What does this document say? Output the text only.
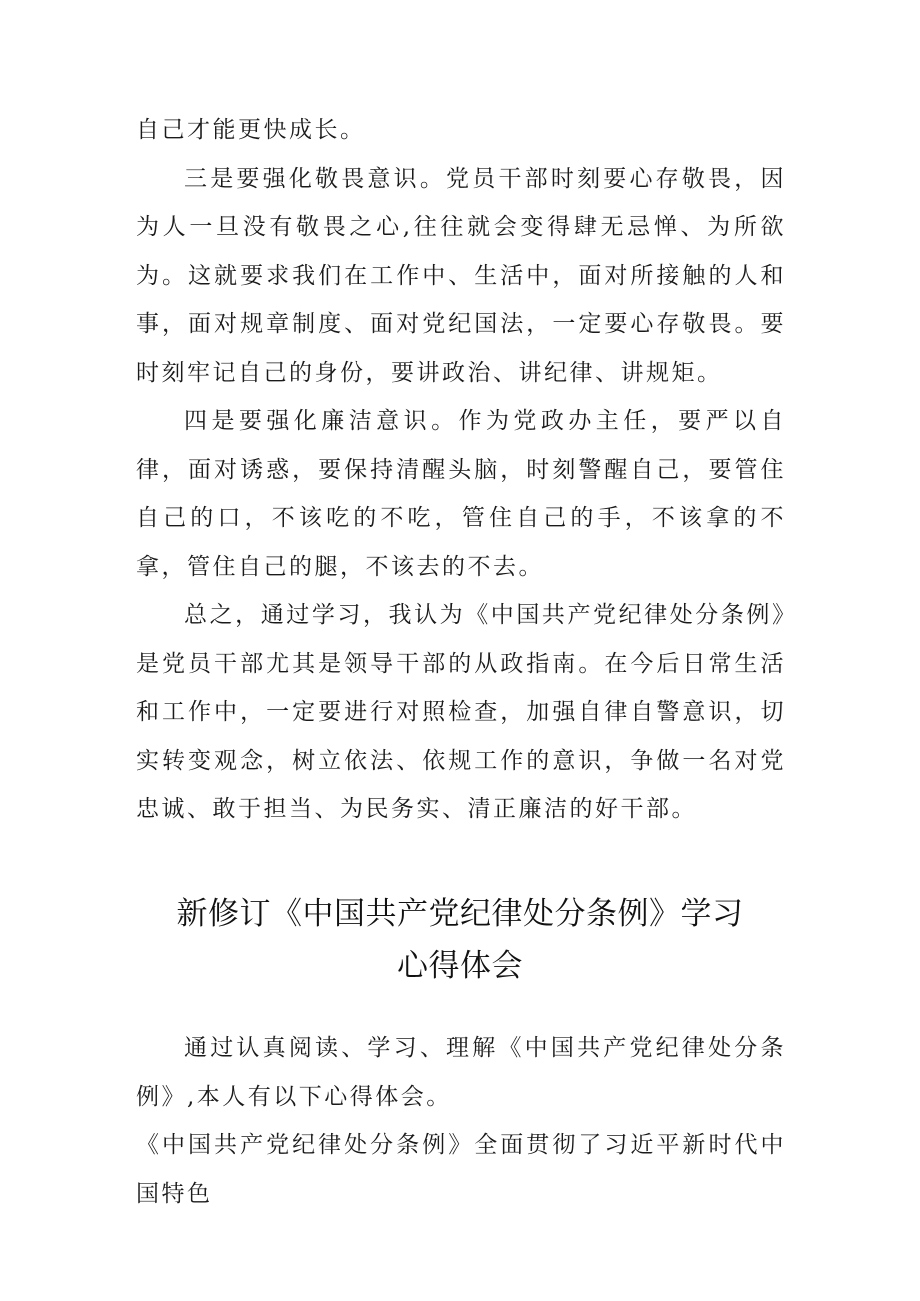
自己才能更快成长。

三是要强化敬畏意识。党员干部时刻要心存敬畏，因为人一旦没有敬畏之心,往往就会变得肆无忌惮、为所欲为。这就要求我们在工作中、生活中，面对所接触的人和事，面对规章制度、面对党纪国法，一定要心存敬畏。要时刻牢记自己的身份，要讲政治、讲纪律、讲规矩。

四是要强化廉洁意识。作为党政办主任，要严以自律，面对诱惑，要保持清醒头脑，时刻警醒自己，要管住自己的口，不该吃的不吃，管住自己的手，不该拿的不拿，管住自己的腿，不该去的不去。

总之，通过学习，我认为《中国共产党纪律处分条例》是党员干部尤其是领导干部的从政指南。在今后日常生活和工作中，一定要进行对照检查，加强自律自警意识，切实转变观念，树立依法、依规工作的意识，争做一名对党忠诚、敢于担当、为民务实、清正廉洁的好干部。

新修订《中国共产党纪律处分条例》学习
心得体会

通过认真阅读、学习、理解《中国共产党纪律处分条例》,本人有以下心得体会。

《中国共产党纪律处分条例》全面贯彻了习近平新时代中国特色
